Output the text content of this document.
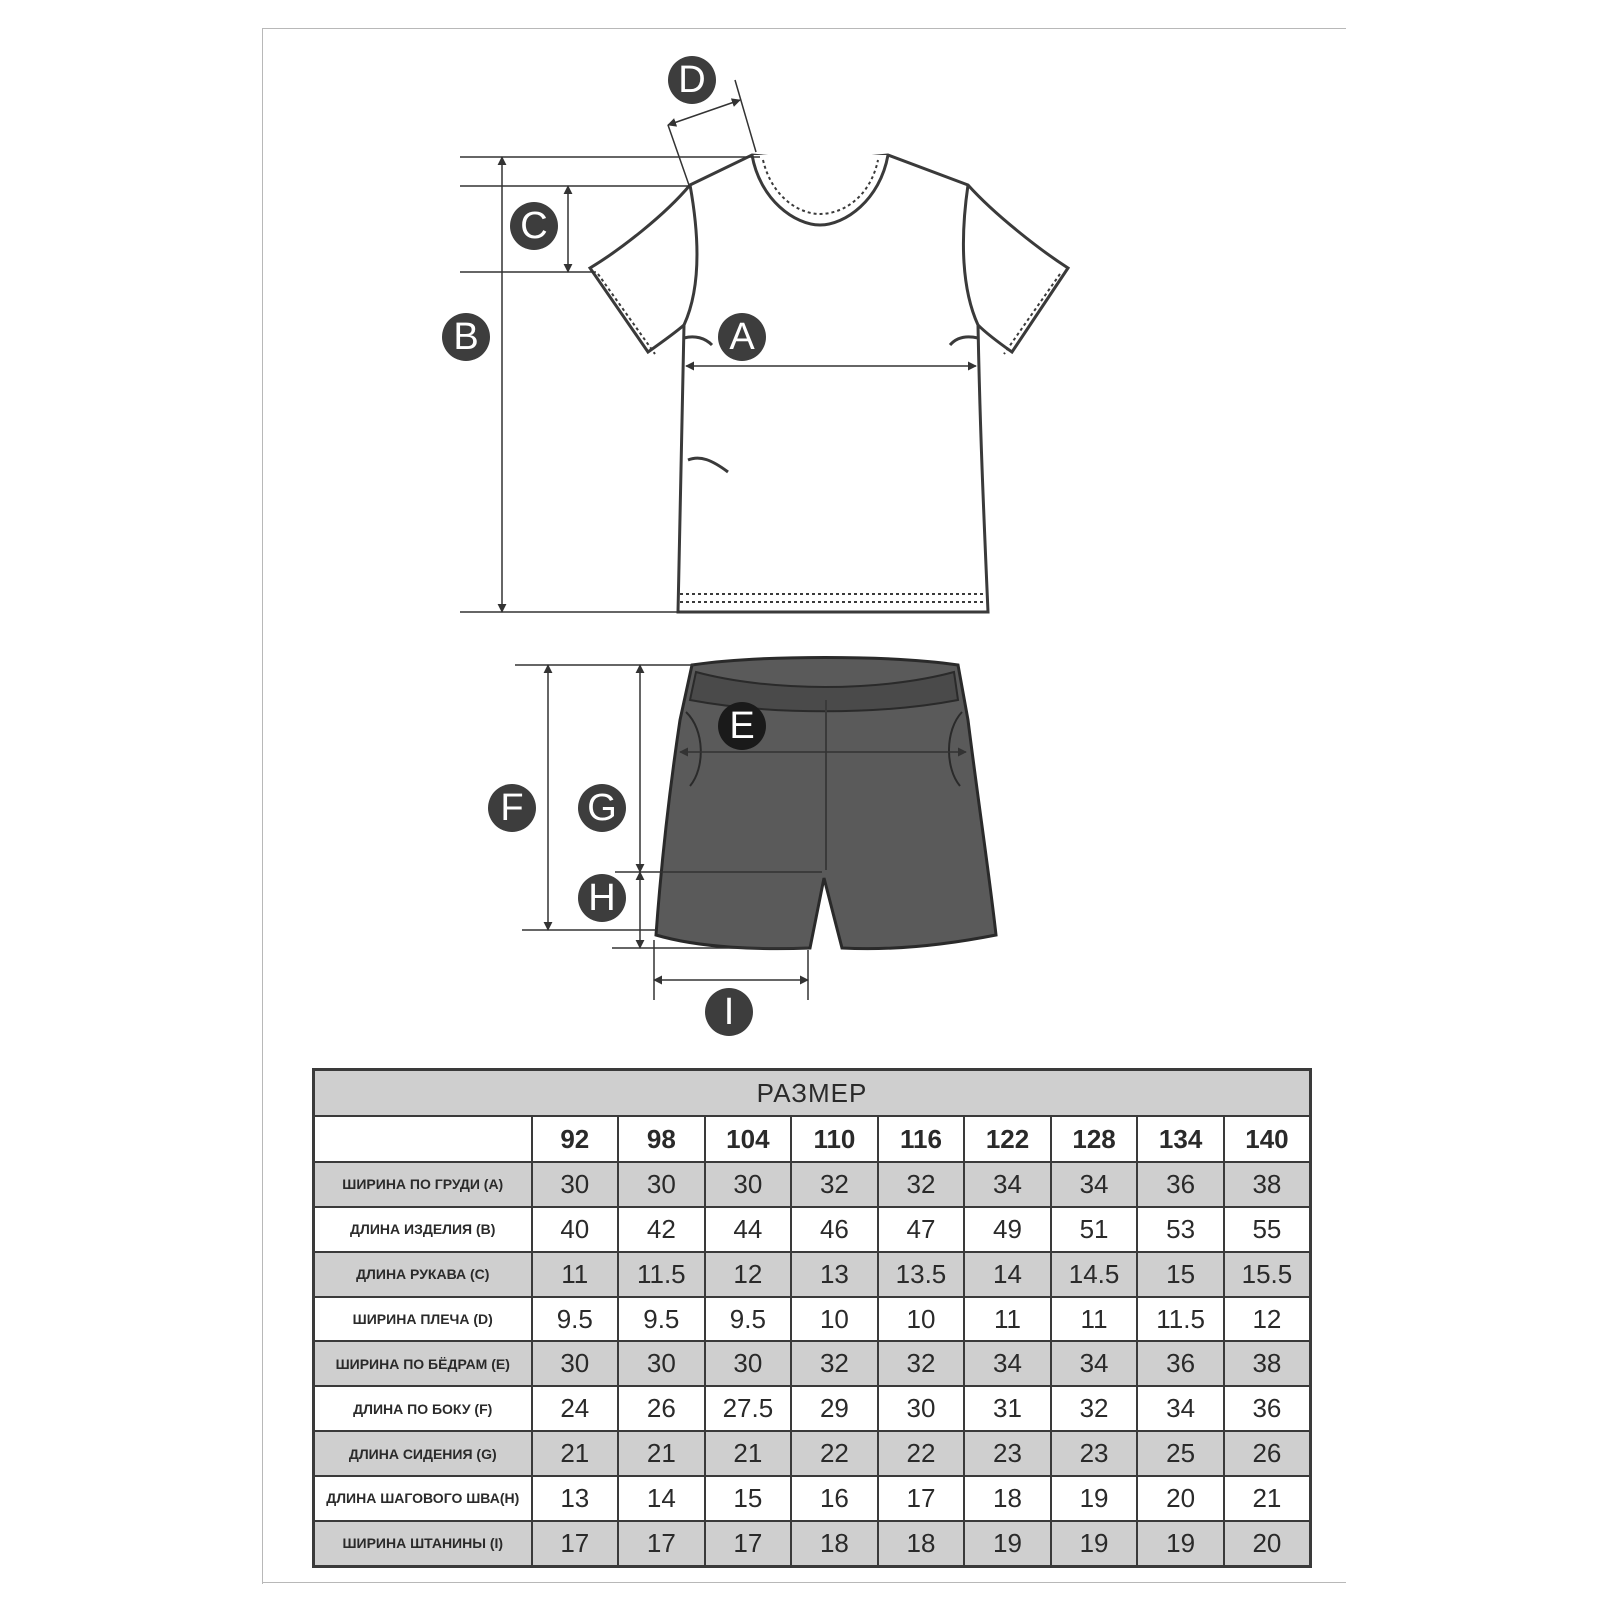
A
B
C
D
E
F G
H
I
РАЗМЕР									
	92	98	104	110	116	122	128	134	140
ШИРИНА ПО ГРУДИ (A)	30	30	30	32	32	34	34	36	38
ДЛИНА ИЗДЕЛИЯ (B)	40	42	44	46	47	49	51	53	55
ДЛИНА РУКАВА (C)	11	11.5	12	13	13.5	14	14.5	15	15.5
ШИРИНА ПЛЕЧА (D)	9.5	9.5	9.5	10	10	11	11	11.5	12
ШИРИНА ПО БЁДРАМ (E)	30	30	30	32	32	34	34	36	38
ДЛИНА ПО БОКУ (F)	24	26	27.5	29	30	31	32	34	36
ДЛИНА СИДЕНИЯ (G)	21	21	21	22	22	23	23	25	26
ДЛИНА ШАГОВОГО ШВА(H)	13	14	15	16	17	18	19	20	21
ШИРИНА ШТАНИНЫ (I)	17	17	17	18	18	19	19	19	20
